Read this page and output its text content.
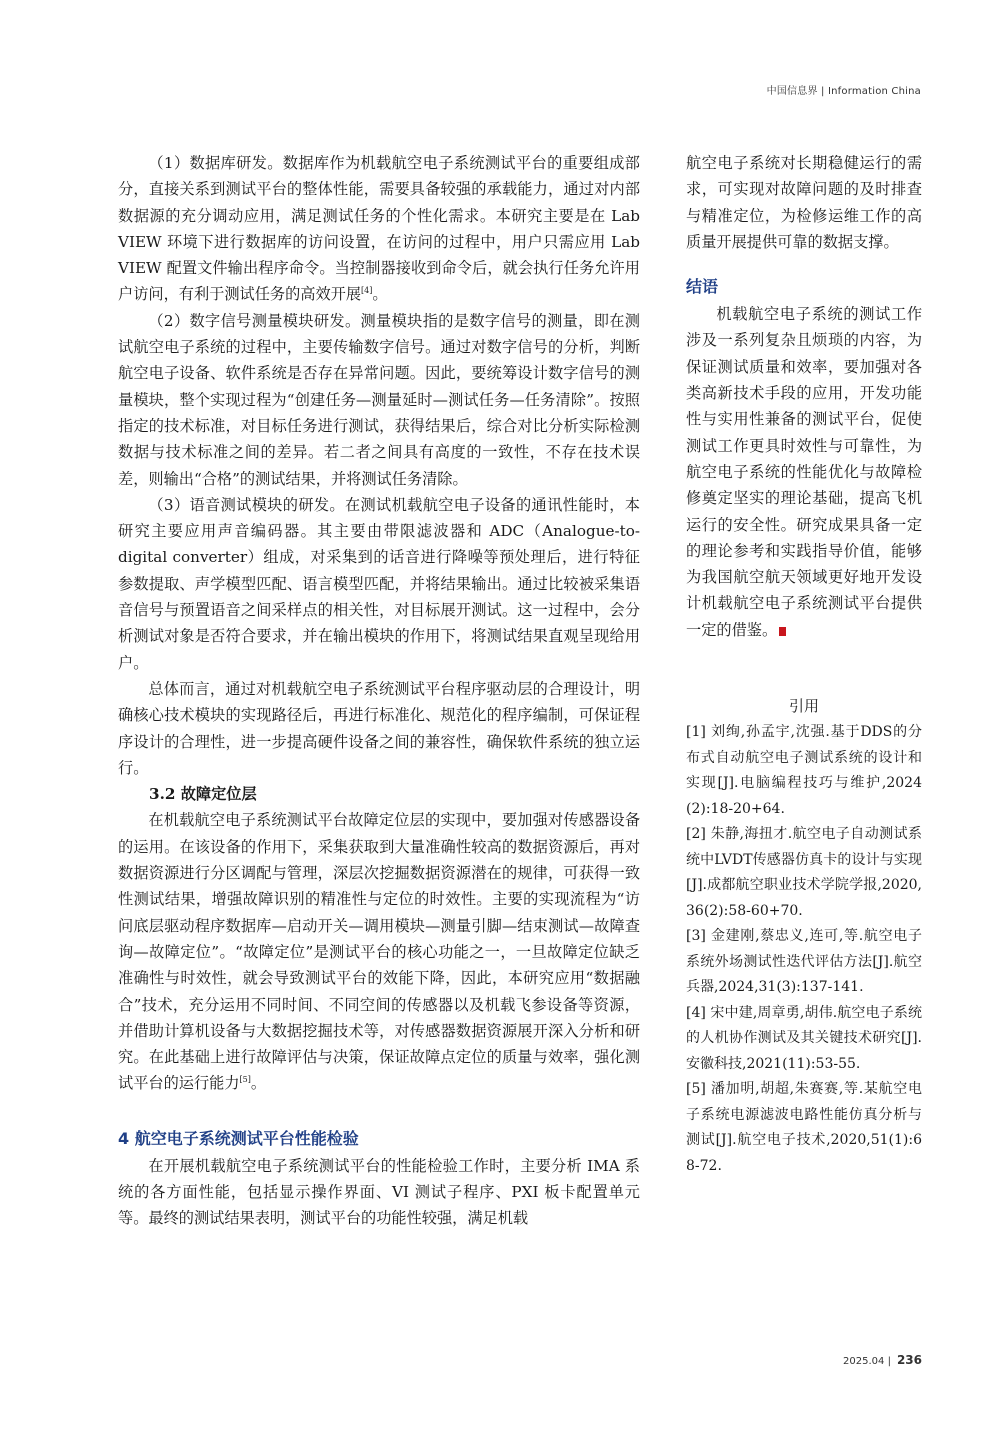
中国信息界 | Information China

（1）数据库研发。数据库作为机载航空电子系统测试平台的重要组成部分，直接关系到测试平台的整体性能，需要具备较强的承载能力，通过对内部数据源的充分调动应用，满足测试任务的个性化需求。本研究主要是在 Lab VIEW 环境下进行数据库的访问设置，在访问的过程中，用户只需应用 Lab VIEW 配置文件输出程序命令。当控制器接收到命令后，就会执行任务允许用户访问，有利于测试任务的高效开展[4]。

（2）数字信号测量模块研发。测量模块指的是数字信号的测量，即在测试航空电子系统的过程中，主要传输数字信号。通过对数字信号的分析，判断航空电子设备、软件系统是否存在异常问题。因此，要统筹设计数字信号的测量模块，整个实现过程为“创建任务—测量延时—测试任务—任务清除”。按照指定的技术标准，对目标任务进行测试，获得结果后，综合对比分析实际检测数据与技术标准之间的差异。若二者之间具有高度的一致性，不存在技术误差，则输出“合格”的测试结果，并将测试任务清除。

（3）语音测试模块的研发。在测试机载航空电子设备的通讯性能时，本研究主要应用声音编码器。其主要由带限滤波器和 ADC（Analogue-to-digital converter）组成，对采集到的话音进行降噪等预处理后，进行特征参数提取、声学模型匹配、语言模型匹配，并将结果输出。通过比较被采集语音信号与预置语音之间采样点的相关性，对目标展开测试。这一过程中，会分析测试对象是否符合要求，并在输出模块的作用下，将测试结果直观呈现给用户。

总体而言，通过对机载航空电子系统测试平台程序驱动层的合理设计，明确核心技术模块的实现路径后，再进行标准化、规范化的程序编制，可保证程序设计的合理性，进一步提高硬件设备之间的兼容性，确保软件系统的独立运行。

3.2 故障定位层

在机载航空电子系统测试平台故障定位层的实现中，要加强对传感器设备的运用。在该设备的作用下，采集获取到大量准确性较高的数据资源后，再对数据资源进行分区调配与管理，深层次挖掘数据资源潜在的规律，可获得一致性测试结果，增强故障识别的精准性与定位的时效性。主要的实现流程为“访问底层驱动程序数据库—启动开关—调用模块—测量引脚—结束测试—故障查询—故障定位”。“故障定位”是测试平台的核心功能之一，一旦故障定位缺乏准确性与时效性，就会导致测试平台的效能下降，因此，本研究应用“数据融合”技术，充分运用不同时间、不同空间的传感器以及机载飞参设备等资源，并借助计算机设备与大数据挖掘技术等，对传感器数据资源展开深入分析和研究。在此基础上进行故障评估与决策，保证故障点定位的质量与效率，强化测试平台的运行能力[5]。

4 航空电子系统测试平台性能检验

在开展机载航空电子系统测试平台的性能检验工作时，主要分析 IMA 系统的各方面性能，包括显示操作界面、VI 测试子程序、PXI 板卡配置单元等。最终的测试结果表明，测试平台的功能性较强，满足机载

航空电子系统对长期稳健运行的需求，可实现对故障问题的及时排查与精准定位，为检修运维工作的高质量开展提供可靠的数据支撑。

结语

机载航空电子系统的测试工作涉及一系列复杂且烦琐的内容，为保证测试质量和效率，要加强对各类高新技术手段的应用，开发功能性与实用性兼备的测试平台，促使测试工作更具时效性与可靠性，为航空电子系统的性能优化与故障检修奠定坚实的理论基础，提高飞机运行的安全性。研究成果具备一定的理论参考和实践指导价值，能够为我国航空航天领域更好地开发设计机载航空电子系统测试平台提供一定的借鉴。

引用

[1] 刘绚,孙孟宇,沈强.基于DDS的分布式自动航空电子测试系统的设计和实现[J].电脑编程技巧与维护,2024(2):18-20+64.

[2] 朱静,海扭才.航空电子自动测试系统中LVDT传感器仿真卡的设计与实现[J].成都航空职业技术学院学报,2020,36(2):58-60+70.

[3] 金建刚,蔡忠义,连可,等.航空电子系统外场测试性迭代评估方法[J].航空兵器,2024,31(3):137-141.

[4] 宋中建,周章勇,胡伟.航空电子系统的人机协作测试及其关键技术研究[J].安徽科技,2021(11):53-55.

[5] 潘加明,胡超,朱赛赛,等.某航空电子系统电源滤波电路性能仿真分析与测试[J].航空电子技术,2020,51(1):68-72.

2025.04 | 236
